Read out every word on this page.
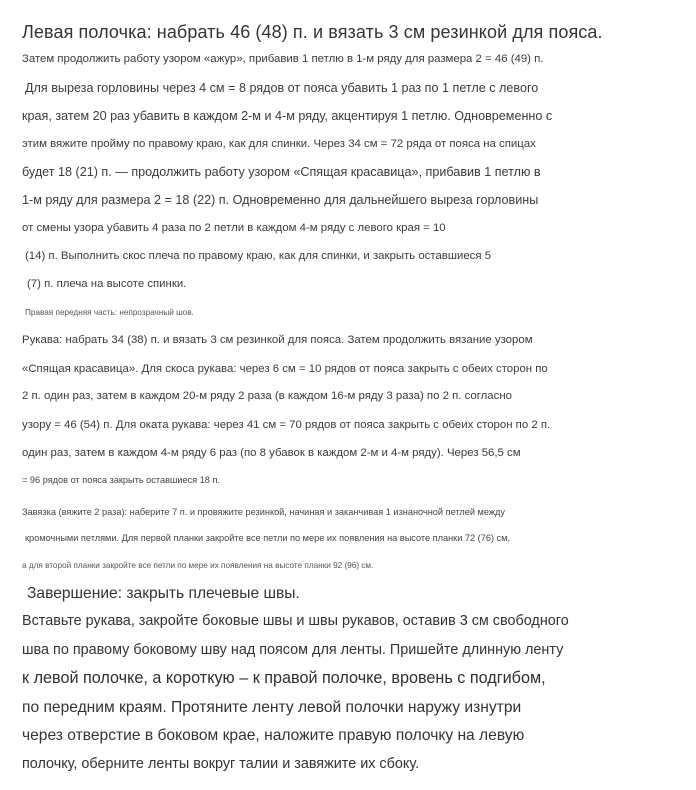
Левая полочка: набрать 46 (48) п. и вязать 3 см резинкой для пояса.
Затем продолжить работу узором «ажур», прибавив 1 петлю в 1-м ряду для размера 2 = 46 (49) п.
Для выреза горловины через 4 см = 8 рядов от пояса убавить 1 раз по 1 петле с левого
края, затем 20 раз убавить в каждом 2-м и 4-м ряду, акцентируя 1 петлю. Одновременно с
этим вяжите пройму по правому краю, как для спинки. Через 34 см = 72 ряда от пояса на спицах
будет 18 (21) п. — продолжить работу узором «Спящая красавица», прибавив 1 петлю в
1-м ряду для размера 2 = 18 (22) п. Одновременно для дальнейшего выреза горловины
от смены узора убавить 4 раза по 2 петли в каждом 4-м ряду с левого края = 10
(14) п. Выполнить скос плеча по правому краю, как для спинки, и закрыть оставшиеся 5
(7) п. плеча на высоте спинки.
Правая передняя часть: непрозрачный шов.
Рукава: набрать 34 (38) п. и вязать 3 см резинкой для пояса. Затем продолжить вязание узором
«Спящая красавица». Для скоса рукава: через 6 см = 10 рядов от пояса закрыть с обеих сторон по
2 п. один раз, затем в каждом 20-м ряду 2 раза (в каждом 16-м ряду 3 раза) по 2 п. согласно
узору = 46 (54) п. Для оката рукава: через 41 см = 70 рядов от пояса закрыть с обеих сторон по 2 п.
один раз, затем в каждом 4-м ряду 6 раз (по 8 убавок в каждом 2-м и 4-м ряду). Через 56,5 см
= 96 рядов от пояса закрыть оставшиеся 18 п.
Завязка (вяжите 2 раза): наберите 7 п. и провяжите резинкой, начиная и заканчивая 1 изнаночной петлей между
кромочными петлями. Для первой планки закройте все петли по мере их появления на высоте планки 72 (76) см,
а для второй планки закройте все петли по мере их появления на высоте планки 92 (96) см.
Завершение: закрыть плечевые швы.
Вставьте рукава, закройте боковые швы и швы рукавов, оставив 3 см свободного
шва по правому боковому шву над поясом для ленты. Пришейте длинную ленту
к левой полочке, а короткую – к правой полочке, вровень с подгибом,
по передним краям. Протяните ленту левой полочки наружу изнутри
через отверстие в боковом крае, наложите правую полочку на левую
полочку, оберните ленты вокруг талии и завяжите их сбоку.
